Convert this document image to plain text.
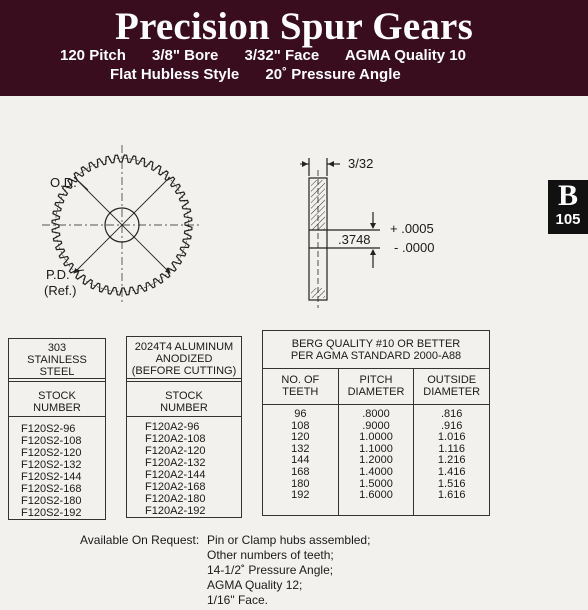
Precision Spur Gears
120 Pitch 3/8" Bore 3/32" Face AGMA Quality 10
Flat Hubless Style 20˚ Pressure Angle
B
105
O.D.
P.D.
(Ref.)
3/32
.3748
+ .0005
- .0000
303
STAINLESS
STEEL
STOCK
NUMBER
F120S2-96
F120S2-108
F120S2-120
F120S2-132
F120S2-144
F120S2-168
F120S2-180
F120S2-192
2024T4 ALUMINUM
ANODIZED
(BEFORE CUTTING)
STOCK
NUMBER
F120A2-96
F120A2-108
F120A2-120
F120A2-132
F120A2-144
F120A2-168
F120A2-180
F120A2-192
BERG QUALITY #10 OR BETTER
PER AGMA STANDARD 2000-A88
NO. OF
TEETH
96
108
120
132
144
168
180
192
PITCH
DIAMETER
.8000
.9000
1.0000
1.1000
1.2000
1.4000
1.5000
1.6000
OUTSIDE
DIAMETER
.816
.916
1.016
1.116
1.216
1.416
1.516
1.616
Available On Request: Pin or Clamp hubs assembled;
Other numbers of teeth;
14-1/2˚ Pressure Angle;
AGMA Quality 12;
1/16" Face.
